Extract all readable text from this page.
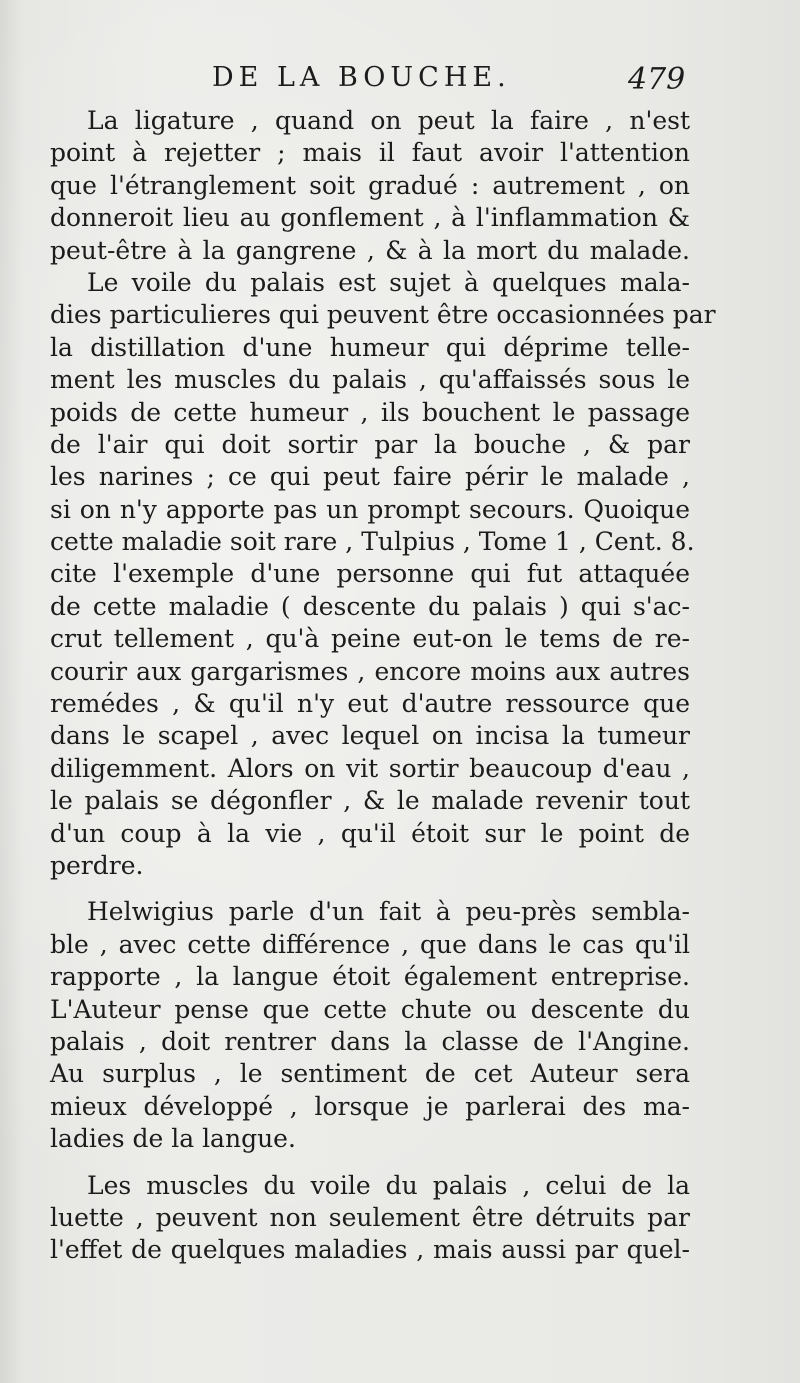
DE LA BOUCHE.	479
La ligature , quand on peut la faire , n'est
point à rejetter ; mais il faut avoir l'attention
que l'étranglement soit gradué : autrement , on
donneroit lieu au gonflement , à l'inflammation &
peut-être à la gangrene , & à la mort du malade.
Le voile du palais est sujet à quelques mala-
dies particulieres qui peuvent être occasionnées par
la distillation d'une humeur qui déprime telle-
ment les muscles du palais , qu'affaissés sous le
poids de cette humeur , ils bouchent le passage
de l'air qui doit sortir par la bouche , & par
les narines ; ce qui peut faire périr le malade ,
si on n'y apporte pas un prompt secours. Quoique
cette maladie soit rare , Tulpius , Tome 1 , Cent. 8.
cite l'exemple d'une personne qui fut attaquée
de cette maladie ( descente du palais ) qui s'ac-
crut tellement , qu'à peine eut-on le tems de re-
courir aux gargarismes , encore moins aux autres
remédes , & qu'il n'y eut d'autre ressource que
dans le scapel , avec lequel on incisa la tumeur
diligemment. Alors on vit sortir beaucoup d'eau ,
le palais se dégonfler , & le malade revenir tout
d'un coup à la vie , qu'il étoit sur le point de
perdre.
Helwigius parle d'un fait à peu-près sembla-
ble , avec cette différence , que dans le cas qu'il
rapporte , la langue étoit également entreprise.
L'Auteur pense que cette chute ou descente du
palais , doit rentrer dans la classe de l'Angine.
Au surplus , le sentiment de cet Auteur sera
mieux développé , lorsque je parlerai des ma-
ladies de la langue.
Les muscles du voile du palais , celui de la
luette , peuvent non seulement être détruits par
l'effet de quelques maladies , mais aussi par quel-
